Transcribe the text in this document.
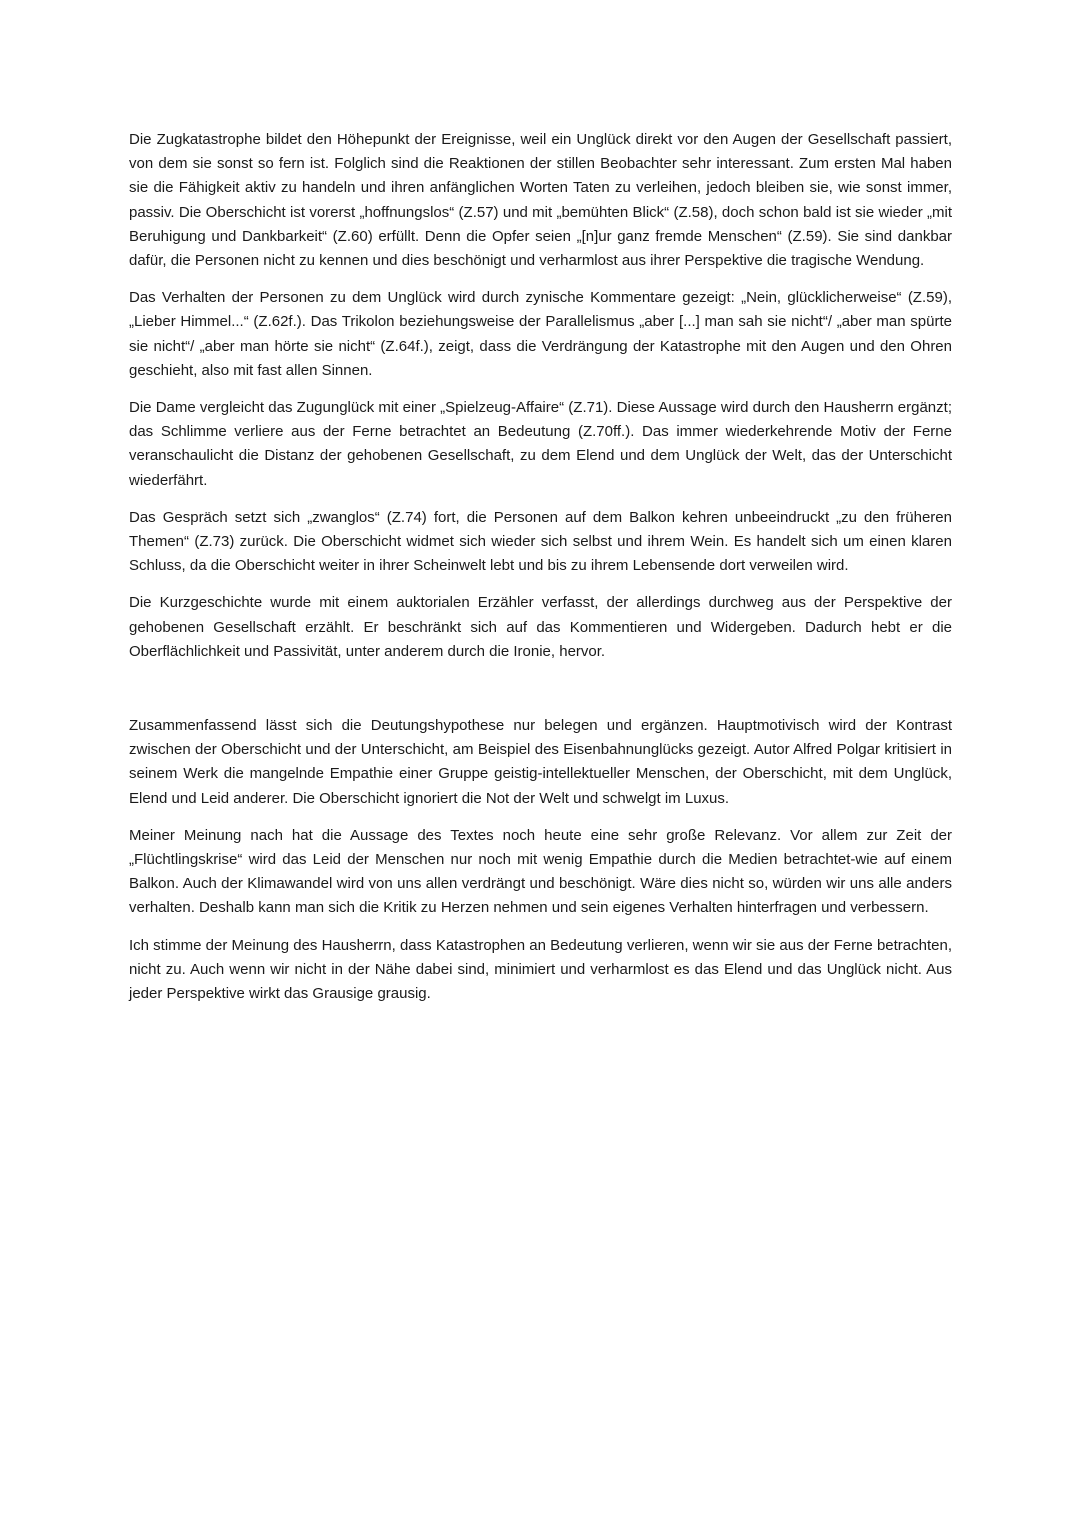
Die Zugkatastrophe bildet den Höhepunkt der Ereignisse, weil ein Unglück direkt vor den Augen der Gesellschaft passiert, von dem sie sonst so fern ist. Folglich sind die Reaktionen der stillen Beobachter sehr interessant. Zum ersten Mal haben sie die Fähigkeit aktiv zu handeln und ihren anfänglichen Worten Taten zu verleihen, jedoch bleiben sie, wie sonst immer, passiv. Die Oberschicht ist vorerst „hoffnungslos“ (Z.57) und mit „bemühten Blick“ (Z.58), doch schon bald ist sie wieder „mit Beruhigung und Dankbarkeit“ (Z.60) erfüllt. Denn die Opfer seien „[n]ur ganz fremde Menschen“ (Z.59). Sie sind dankbar dafür, die Personen nicht zu kennen und dies beschönigt und verharmlost aus ihrer Perspektive die tragische Wendung.

Das Verhalten der Personen zu dem Unglück wird durch zynische Kommentare gezeigt: „Nein, glücklicherweise“ (Z.59), „Lieber Himmel...“ (Z.62f.). Das Trikolon beziehungsweise der Parallelismus „aber [...] man sah sie nicht“/ „aber man spürte sie nicht“/ „aber man hörte sie nicht“ (Z.64f.), zeigt, dass die Verdrängung der Katastrophe mit den Augen und den Ohren geschieht, also mit fast allen Sinnen.

Die Dame vergleicht das Zugunglück mit einer „Spielzeug-Affaire“ (Z.71). Diese Aussage wird durch den Hausherrn ergänzt; das Schlimme verliere aus der Ferne betrachtet an Bedeutung (Z.70ff.). Das immer wiederkehrende Motiv der Ferne veranschaulicht die Distanz der gehobenen Gesellschaft, zu dem Elend und dem Unglück der Welt, das der Unterschicht wiederfährt.

Das Gespräch setzt sich „zwanglos“ (Z.74) fort, die Personen auf dem Balkon kehren unbeeindruckt „zu den früheren Themen“ (Z.73) zurück. Die Oberschicht widmet sich wieder sich selbst und ihrem Wein. Es handelt sich um einen klaren Schluss, da die Oberschicht weiter in ihrer Scheinwelt lebt und bis zu ihrem Lebensende dort verweilen wird.

Die Kurzgeschichte wurde mit einem auktorialen Erzähler verfasst, der allerdings durchweg aus der Perspektive der gehobenen Gesellschaft erzählt. Er beschränkt sich auf das Kommentieren und Widergeben. Dadurch hebt er die Oberflächlichkeit und Passivität, unter anderem durch die Ironie, hervor.

Zusammenfassend lässt sich die Deutungshypothese nur belegen und ergänzen. Hauptmotivisch wird der Kontrast zwischen der Oberschicht und der Unterschicht, am Beispiel des Eisenbahnunglücks gezeigt. Autor Alfred Polgar kritisiert in seinem Werk die mangelnde Empathie einer Gruppe geistig-intellektueller Menschen, der Oberschicht, mit dem Unglück, Elend und Leid anderer. Die Oberschicht ignoriert die Not der Welt und schwelgt im Luxus.

Meiner Meinung nach hat die Aussage des Textes noch heute eine sehr große Relevanz. Vor allem zur Zeit der „Flüchtlingskrise“ wird das Leid der Menschen nur noch mit wenig Empathie durch die Medien betrachtet-wie auf einem Balkon. Auch der Klimawandel wird von uns allen verdrängt und beschönigt. Wäre dies nicht so, würden wir uns alle anders verhalten. Deshalb kann man sich die Kritik zu Herzen nehmen und sein eigenes Verhalten hinterfragen und verbessern.

Ich stimme der Meinung des Hausherrn, dass Katastrophen an Bedeutung verlieren, wenn wir sie aus der Ferne betrachten, nicht zu. Auch wenn wir nicht in der Nähe dabei sind, minimiert und verharmlost es das Elend und das Unglück nicht. Aus jeder Perspektive wirkt das Grausige grausig.
